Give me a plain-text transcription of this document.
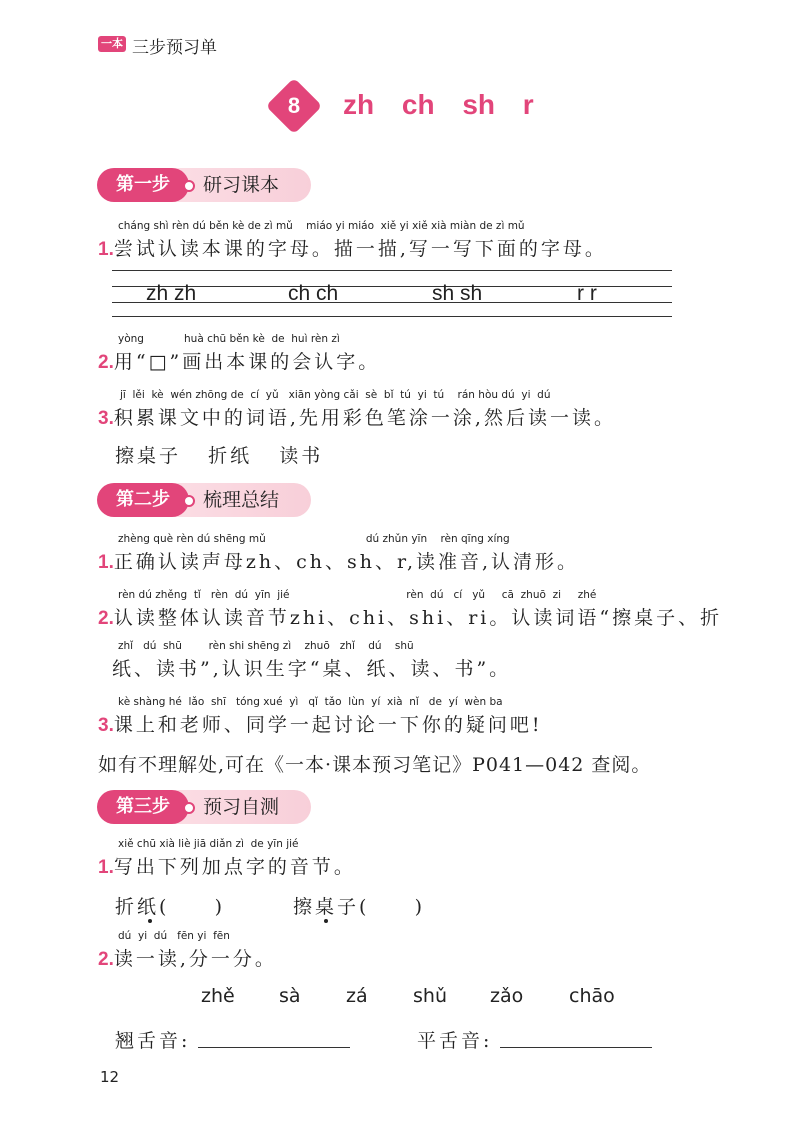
一本 三步预习单
8	zh ch sh r
第一步	研习课本
cháng shì rèn dú běn kè de zì mǔ    miáo yi miáo  xiě yi xiě xià miàn de zì mǔ
1.尝试认读本课的字母。描一描,写一写下面的字母。
zh zh	ch ch	sh sh	r r
yòng            huà chū běn kè  de  huì rèn zì
2.用“□”画出本课的会认字。
jī  lěi  kè  wén zhōng de  cí  yǔ   xiān yòng cǎi  sè  bǐ  tú  yi  tú    rán hòu dú  yi  dú
3.积累课文中的词语,先用彩色笔涂一涂,然后读一读。
擦桌子   折纸   读书
第二步	梳理总结
zhèng què rèn dú shēng mǔ                              dú zhǔn yīn    rèn qīng xíng
1.正确认读声母zh、ch、sh、r,读准音,认清形。
rèn dú zhěng  tǐ   rèn  dú  yīn  jié                                   rèn  dú   cí   yǔ     cā  zhuō  zi     zhé
2.认读整体认读音节zhi、chi、shi、ri。认读词语“擦桌子、折
zhǐ   dú  shū        rèn shi shēng zì    zhuō   zhǐ    dú    shū
纸、读书”,认识生字“桌、纸、读、书”。
kè shàng hé  lǎo  shī   tóng xué  yì   qǐ  tǎo  lùn  yí  xià  nǐ   de  yí  wèn ba
3.课上和老师、同学一起讨论一下你的疑问吧!
如有不理解处,可在《一本·课本预习笔记》P041—042 查阅。
第三步	预习自测
xiě chū xià liè jiā diǎn zì  de yīn jié
1.写出下列加点字的音节。
折纸(     )	擦桌子(     )
dú  yi  dú   fēn yi  fēn
2.读一读,分一分。
zhě sà zá shǔ zǎo chāo
翘舌音:	平舌音:
12
